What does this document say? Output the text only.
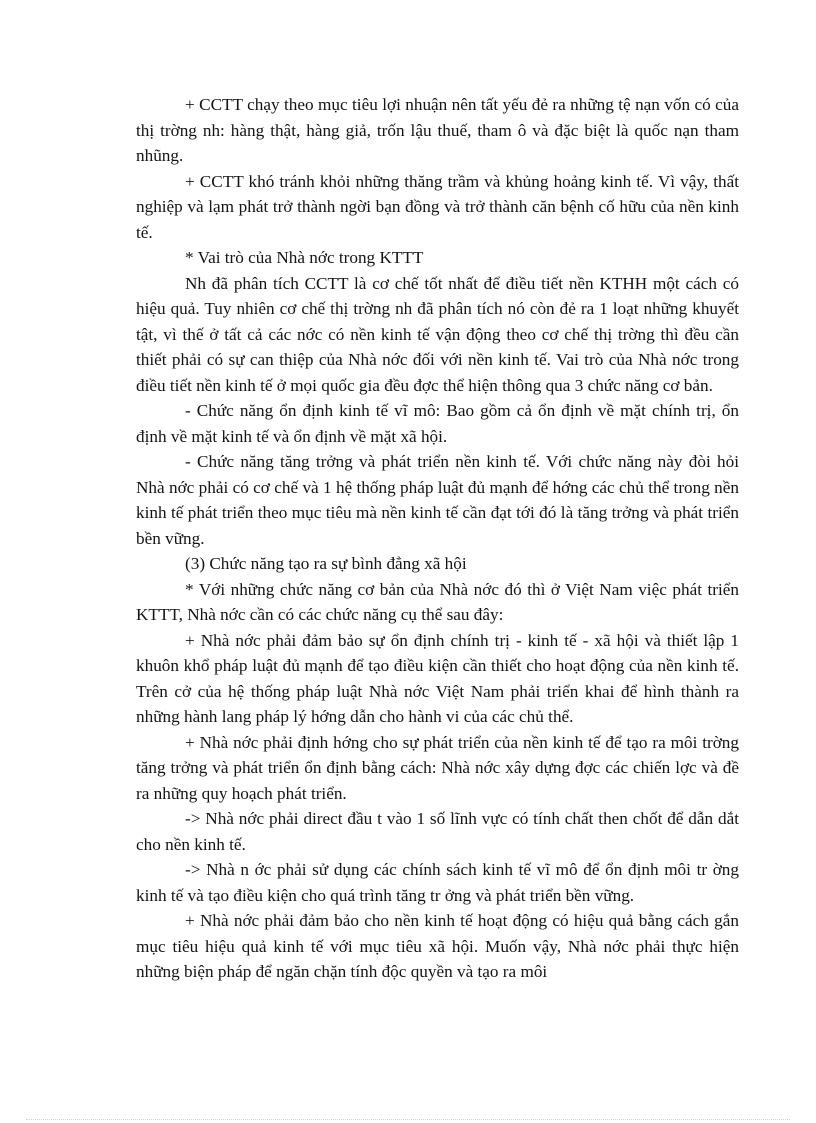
+ CCTT chạy theo mục tiêu lợi nhuận nên tất yếu đẻ ra những tệ nạn vốn có của thị trờng nh: hàng thật, hàng giả, trốn lậu thuế, tham ô và đặc biệt là quốc nạn tham nhũng.

+ CCTT khó tránh khỏi những thăng trầm và khủng hoảng kinh tế. Vì vậy, thất nghiệp và lạm phát trở thành ngời bạn đồng và trở thành căn bệnh cố hữu của nền kinh tế.

* Vai trò của Nhà nớc trong KTTT

Nh đã phân tích CCTT là cơ chế tốt nhất để điều tiết nền KTHH một cách có hiệu quả. Tuy nhiên cơ chế thị trờng nh đã phân tích nó còn đẻ ra 1 loạt những khuyết tật, vì thế ở tất cả các nớc có nền kinh tế vận động theo cơ chế thị trờng thì đều cần thiết phải có sự can thiệp của Nhà nớc đối với nền kinh tế. Vai trò của Nhà nớc trong điều tiết nền kinh tế ở mọi quốc gia đều đợc thể hiện thông qua 3 chức năng cơ bản.

- Chức năng ổn định kinh tế vĩ mô: Bao gồm cả ổn định về mặt chính trị, ổn định về mặt kinh tế và ổn định về mặt xã hội.

- Chức năng tăng trởng và phát triển nền kinh tế. Với chức năng này đòi hỏi Nhà nớc phải có cơ chế và 1 hệ thống pháp luật đủ mạnh để hớng các chủ thể trong nền kinh tế phát triển theo mục tiêu mà nền kinh tế cần đạt tới đó là tăng trởng và phát triển bền vững.

(3) Chức năng tạo ra sự bình đẳng xã hội

* Với những chức năng cơ bản của Nhà nớc đó thì ở Việt Nam việc phát triển KTTT, Nhà nớc cần có các chức năng cụ thể sau đây:

+ Nhà nớc phải đảm bảo sự ổn định chính trị - kinh tế - xã hội và thiết lập 1 khuôn khổ pháp luật đủ mạnh để tạo điều kiện cần thiết cho hoạt động của nền kinh tế. Trên cở của hệ thống pháp luật Nhà nớc Việt Nam phải triển khai để hình thành ra những hành lang pháp lý hớng dẫn cho hành vi của các chủ thể.

+ Nhà nớc phải định hớng cho sự phát triển của nền kinh tế để tạo ra môi trờng tăng trởng và phát triển ổn định bằng cách: Nhà nớc xây dựng đợc các chiến lợc và đề ra những quy hoạch phát triển.

-> Nhà nớc phải direct đầu t vào 1 số lĩnh vực có tính chất then chốt để dẫn dắt cho nền kinh tế.

-> Nhà n ớc phải sử dụng các chính sách kinh tế vĩ mô để ổn định môi tr ờng kinh tế và tạo điều kiện cho quá trình tăng tr ởng và phát triển bền vững.

+ Nhà nớc phải đảm bảo cho nền kinh tế hoạt động có hiệu quả bằng cách gắn mục tiêu hiệu quả kinh tế với mục tiêu xã hội. Muốn vậy, Nhà nớc phải thực hiện những biện pháp để ngăn chặn tính độc quyền và tạo ra môi
